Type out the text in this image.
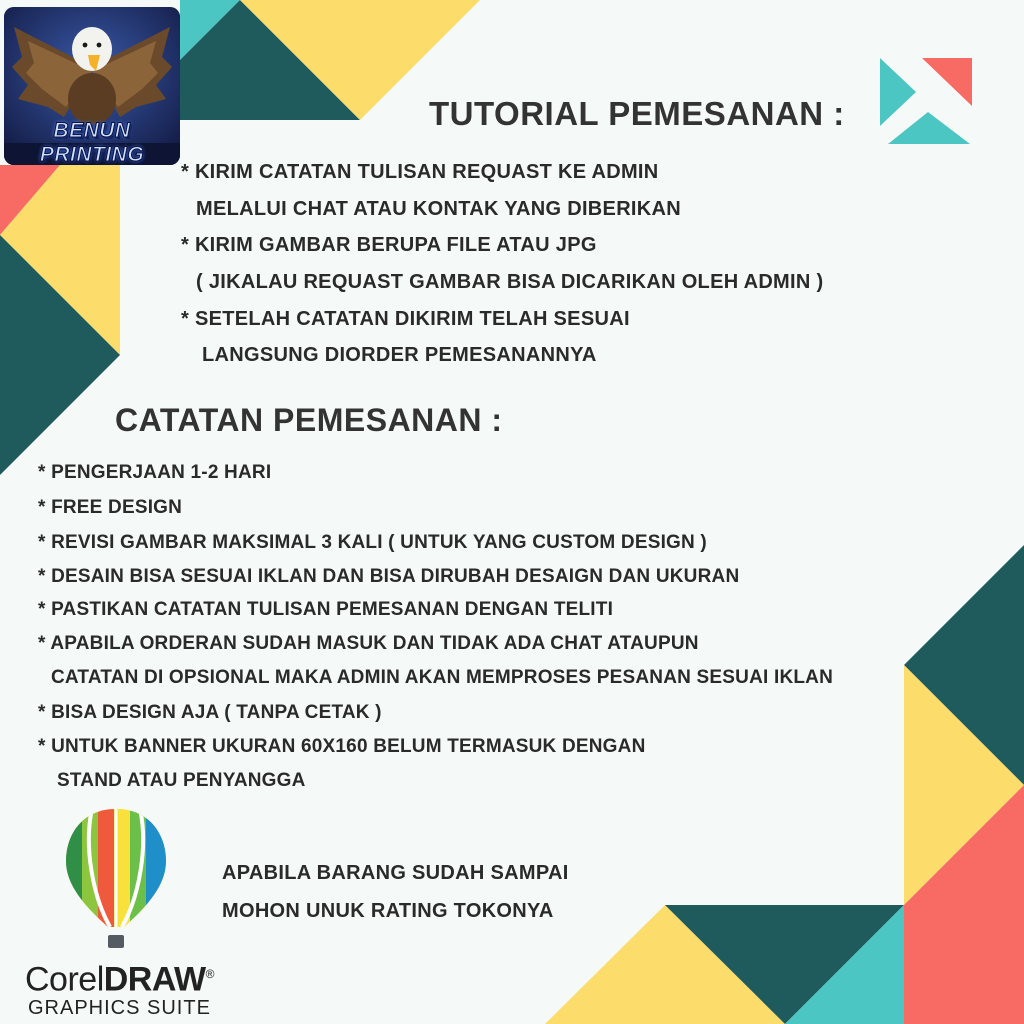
BENUN PRINTING
TUTORIAL PEMESANAN :

* KIRIM CATATAN TULISAN REQUAST KE ADMIN

MELALUI CHAT ATAU KONTAK YANG DIBERIKAN

* KIRIM GAMBAR BERUPA FILE ATAU JPG

( JIKALAU REQUAST GAMBAR BISA DICARIKAN OLEH ADMIN )

* SETELAH CATATAN DIKIRIM TELAH SESUAI

LANGSUNG DIORDER PEMESANANNYA

CATATAN PEMESANAN :

* PENGERJAAN 1-2 HARI

* FREE DESIGN

* REVISI GAMBAR MAKSIMAL 3 KALI ( UNTUK YANG CUSTOM DESIGN )

* DESAIN BISA SESUAI IKLAN DAN BISA DIRUBAH DESAIGN DAN UKURAN

* PASTIKAN CATATAN TULISAN PEMESANAN DENGAN TELITI

* APABILA ORDERAN SUDAH MASUK DAN TIDAK ADA CHAT ATAUPUN

CATATAN DI OPSIONAL MAKA ADMIN AKAN MEMPROSES PESANAN SESUAI IKLAN

* BISA DESIGN AJA ( TANPA CETAK )

* UNTUK BANNER UKURAN 60X160 BELUM TERMASUK DENGAN

STAND ATAU PENYANGGA

CorelDRAW®
GRAPHICS SUITE

APABILA BARANG SUDAH SAMPAI

MOHON UNUK RATING TOKONYA
